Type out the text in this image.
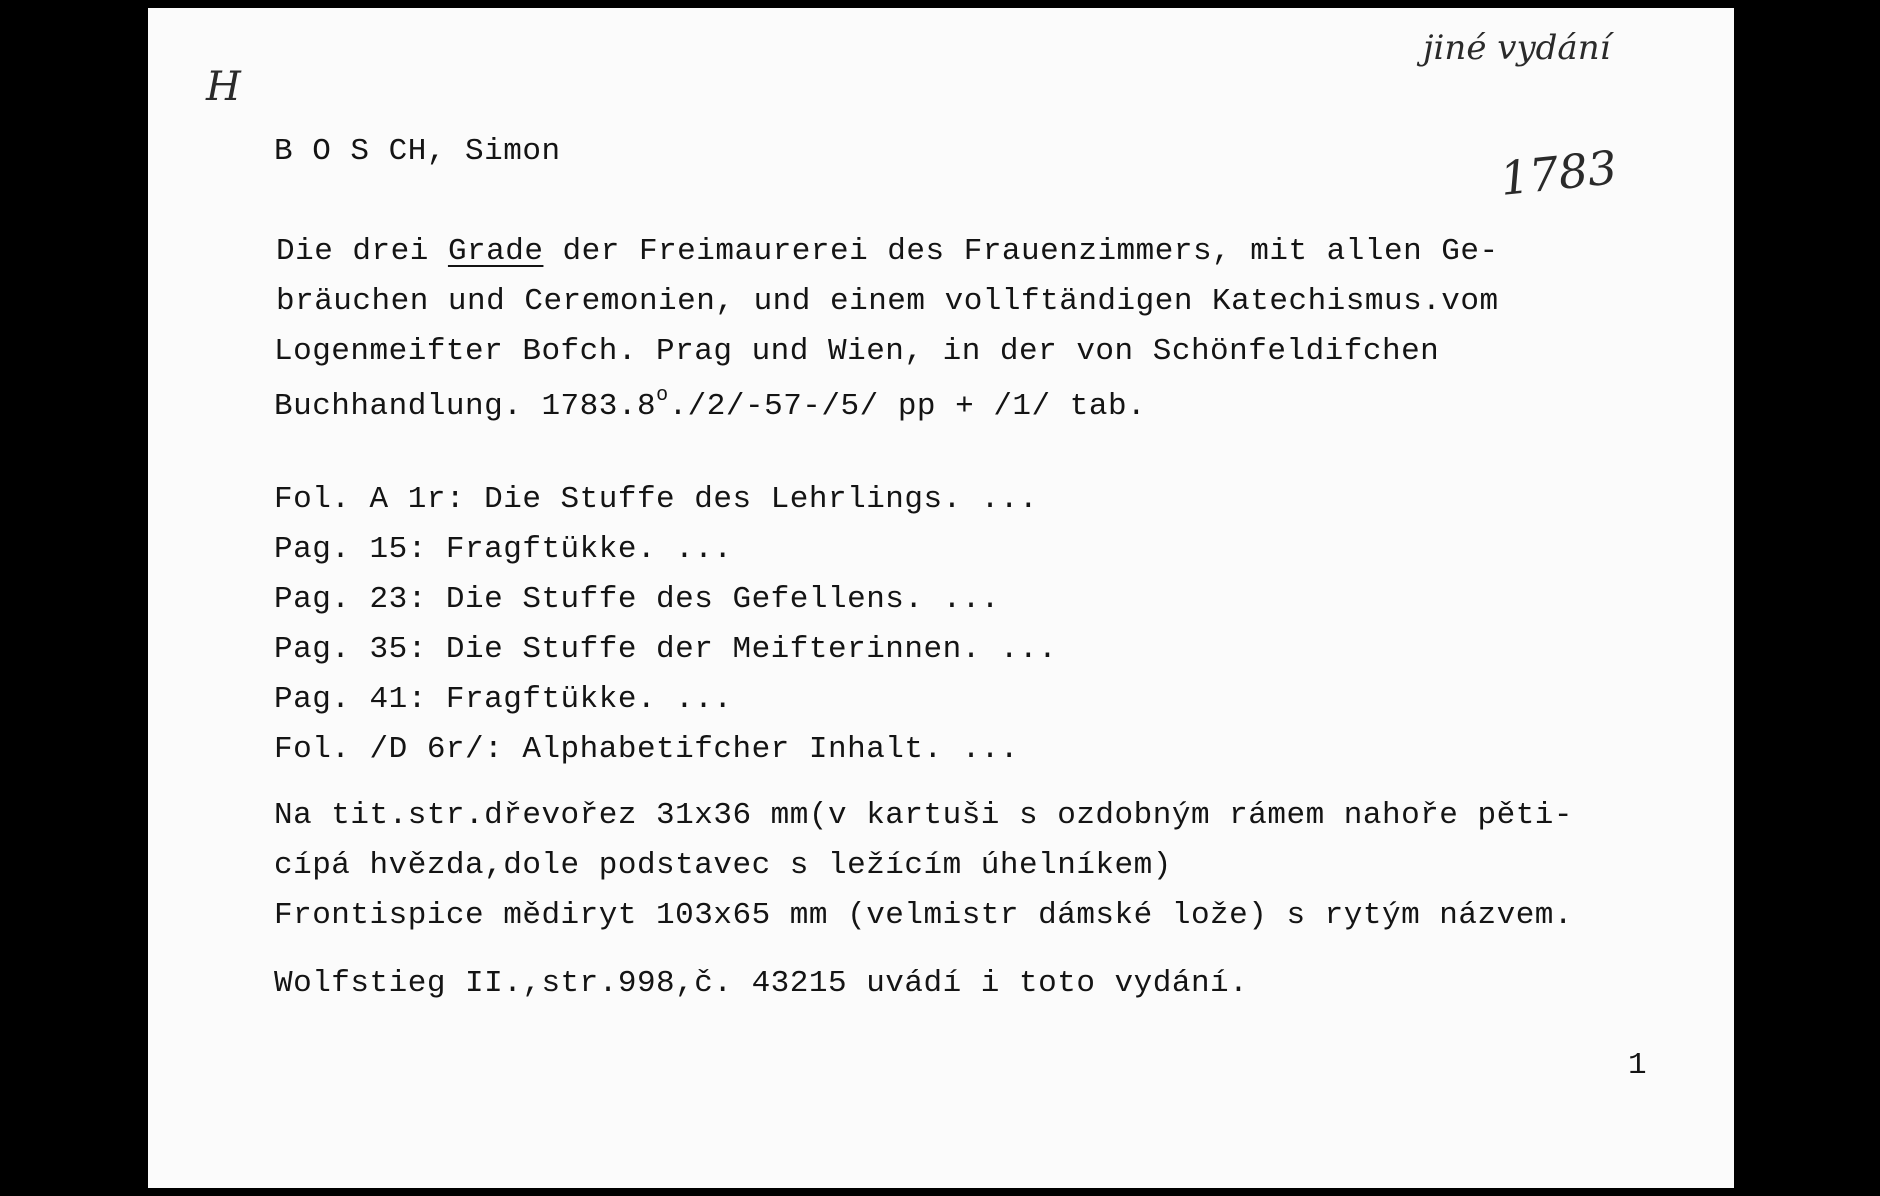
H
jiné vydání
1783
B O S CH, Simon
Die drei Grade der Freimaurerei des Frauenzimmers, mit allen Ge-
bräuchen und Ceremonien, und einem vollftändigen Katechismus.vom
Logenmeifter Bofch. Prag und Wien, in der von Schönfeldifchen
Buchhandlung. 1783.8$^o$./2/-57-/5/ pp + /1/ tab.
Fol. A 1r: Die Stuffe des Lehrlings. ...
Pag. 15: Fragftükke. ...
Pag. 23: Die Stuffe des Gefellens. ...
Pag. 35: Die Stuffe der Meifterinnen. ...
Pag. 41: Fragftükke. ...
Fol. /D 6r/: Alphabetifcher Inhalt. ...
Na tit.str.dřevořez 31x36 mm(v kartuši s ozdobným rámem nahoře pěti-
cípá hvězda,dole podstavec s ležícím úhelníkem)
Frontispice mědiryt 103x65 mm (velmistr dámské lože) s rytým názvem.
Wolfstieg II.,str.998,č. 43215 uvádí i toto vydání.
1
